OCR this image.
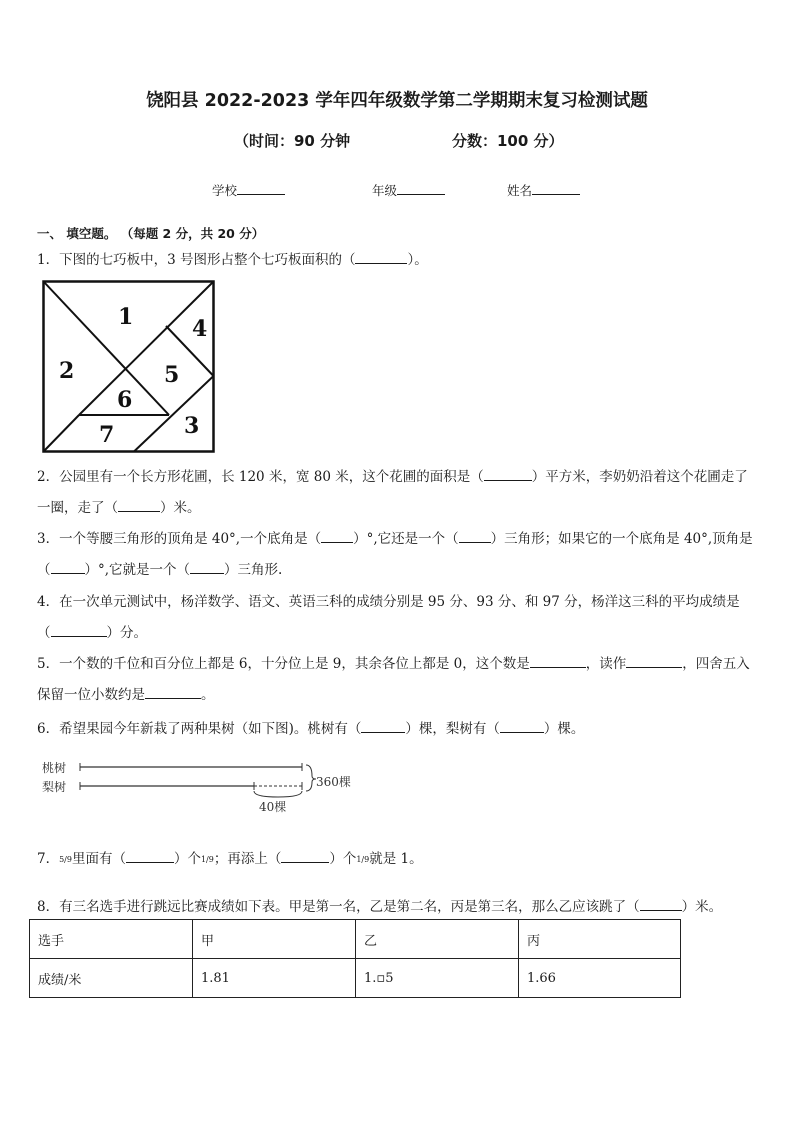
饶阳县 2022-2023 学年四年级数学第二学期期末复习检测试题
（时间：90 分钟	分数：100 分）
学校	年级	姓名
一、 填空题。 （每题 2 分，共 20 分）
1．下图的七巧板中，3 号图形占整个七巧板面积的（	）。
1
2
3
4
5
6
7
2．公园里有一个长方形花圃，长 120 米，宽 80 米，这个花圃的面积是（	）平方米，李奶奶沿着这个花圃走了
一圈，走了（	）米。
3．一个等腰三角形的顶角是 40°,一个底角是（ ）°,它还是一个（ ）三角形；如果它的一个底角是 40°,顶角是
（	）°,它就是一个（	）三角形.
4．在一次单元测试中，杨洋数学、语文、英语三科的成绩分别是 95 分、93 分、和 97 分，杨洋这三科的平均成绩是
（	）分。
5．一个数的千位和百分位上都是 6，十分位上是 9，其余各位上都是 0，这个数是	，读作	，四舍五入
保留一位小数约是	。
6．希望果园今年新栽了两种果树（如下图)。桃树有（	）棵，梨树有（	）棵。
桃树
梨树	360棵
40棵
7．5/9里面有（	）个1/9；再添上（	）个1/9就是 1。
8．有三名选手进行跳远比赛成绩如下表。甲是第一名，乙是第二名，丙是第三名，那么乙应该跳了（	）米。
选手	甲	乙	丙
成绩/米	1.81	1.▫5	1.66
